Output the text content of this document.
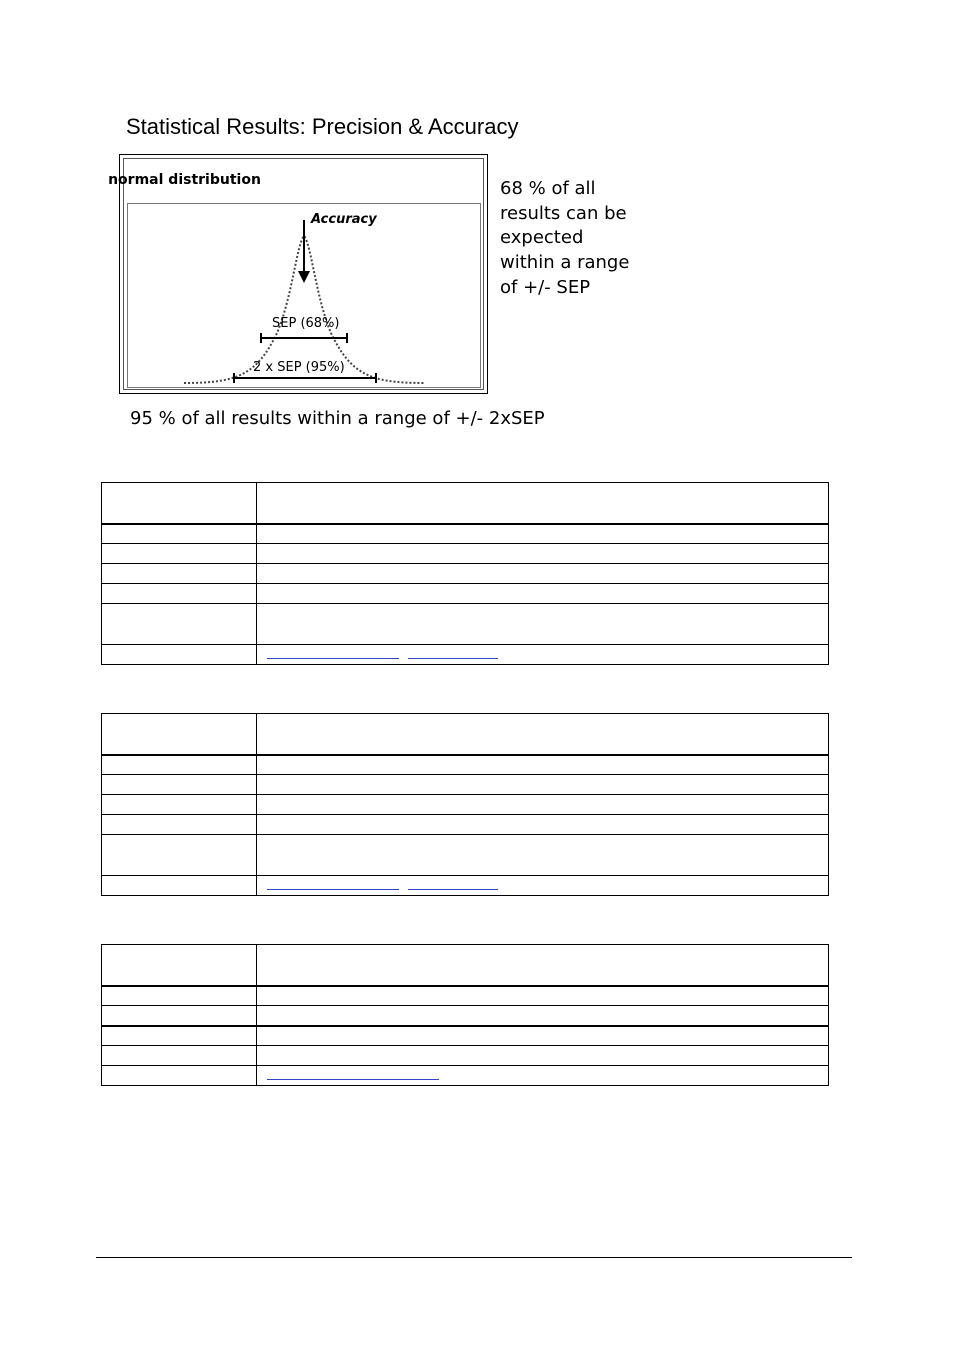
Statistical Results: Precision & Accuracy
normal distribution
Accuracy
SEP (68%)
2 x SEP (95%)
68 % of all
results can be
expected
within a range
of +/- SEP
95 % of all results within a range of +/- 2xSEP
